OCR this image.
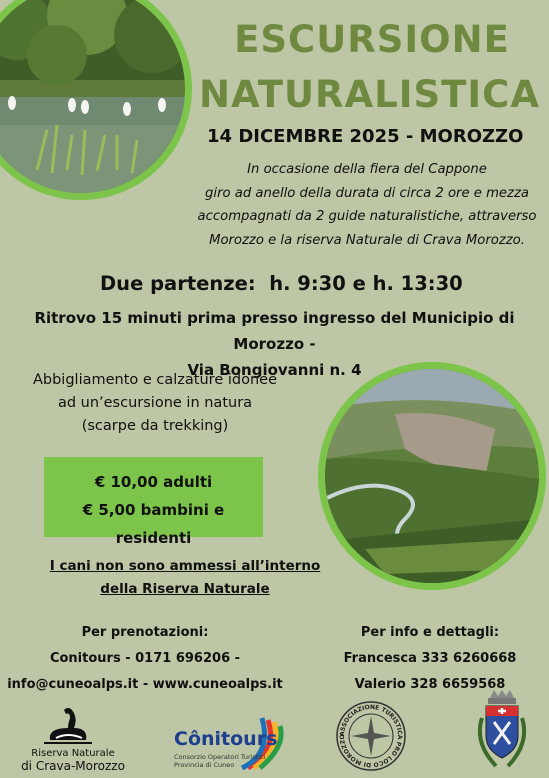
ESCURSIONE
NATURALISTICA
14 DICEMBRE 2025 - MOROZZO
In occasione della fiera del Cappone
giro ad anello della durata di circa 2 ore e mezza
accompagnati da 2 guide naturalistiche, attraverso
Morozzo e la riserva Naturale di Crava Morozzo.
Due partenze:  h. 9:30 e h. 13:30
Ritrovo 15 minuti prima presso ingresso del Municipio di Morozzo -
Via Bongiovanni n. 4
Abbigliamento e calzature idonee
ad un’escursione in natura
(scarpe da trekking)
€ 10,00 adulti
€ 5,00 bambini e residenti
I cani non sono ammessi all’interno
della Riserva Naturale
Per prenotazioni:
Conitours - 0171 696206 -
info@cuneoalps.it - www.cuneoalps.it
Per info e dettagli:
Francesca 333 6260668
Valerio 328 6659568
Riserva Naturale
di Crava-Morozzo
Cônitours
Consorzio Operatori Turistici
Provincia di Cuneo
ASSOCIAZIONE TURISTICA PRO LOCO DI MOROZZO
